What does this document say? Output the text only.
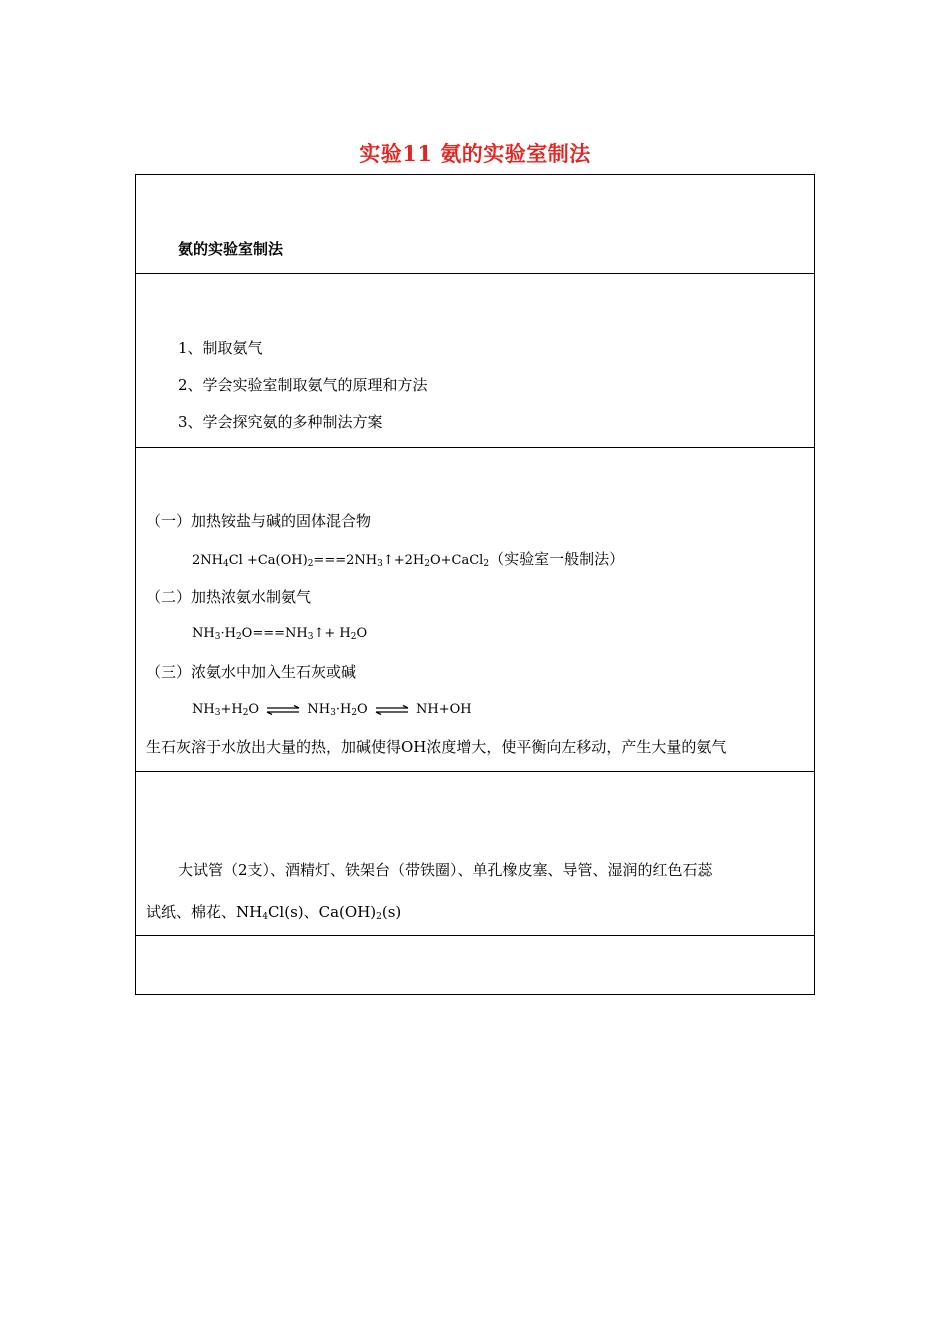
实验11 氨的实验室制法
氨的实验室制法
1、制取氨气
2、学会实验室制取氨气的原理和方法
3、学会探究氨的多种制法方案
（一）加热铵盐与碱的固体混合物
$2NH_4Cl$ $+Ca(OH)_2===2NH_3↑+2H_2O+CaCl_2$（实验室一般制法）
（二）加热浓氨水制氨气
$NH_3\cdot H_2O===NH_3↑+ H_2O$
（三）浓氨水中加入生石灰或碱
$NH_3+H_2O$ ⇌ $NH_3\cdot H_2O$ ⇌ NH+OH
生石灰溶于水放出大量的热，加碱使得OH浓度增大，使平衡向左移动，产生大量的氨气
大试管（2支）、酒精灯、铁架台（带铁圈）、单孔橡皮塞、导管、湿润的红色石蕊
试纸、棉花、$NH_4Cl(s)$、$Ca(OH)_2(s)$
